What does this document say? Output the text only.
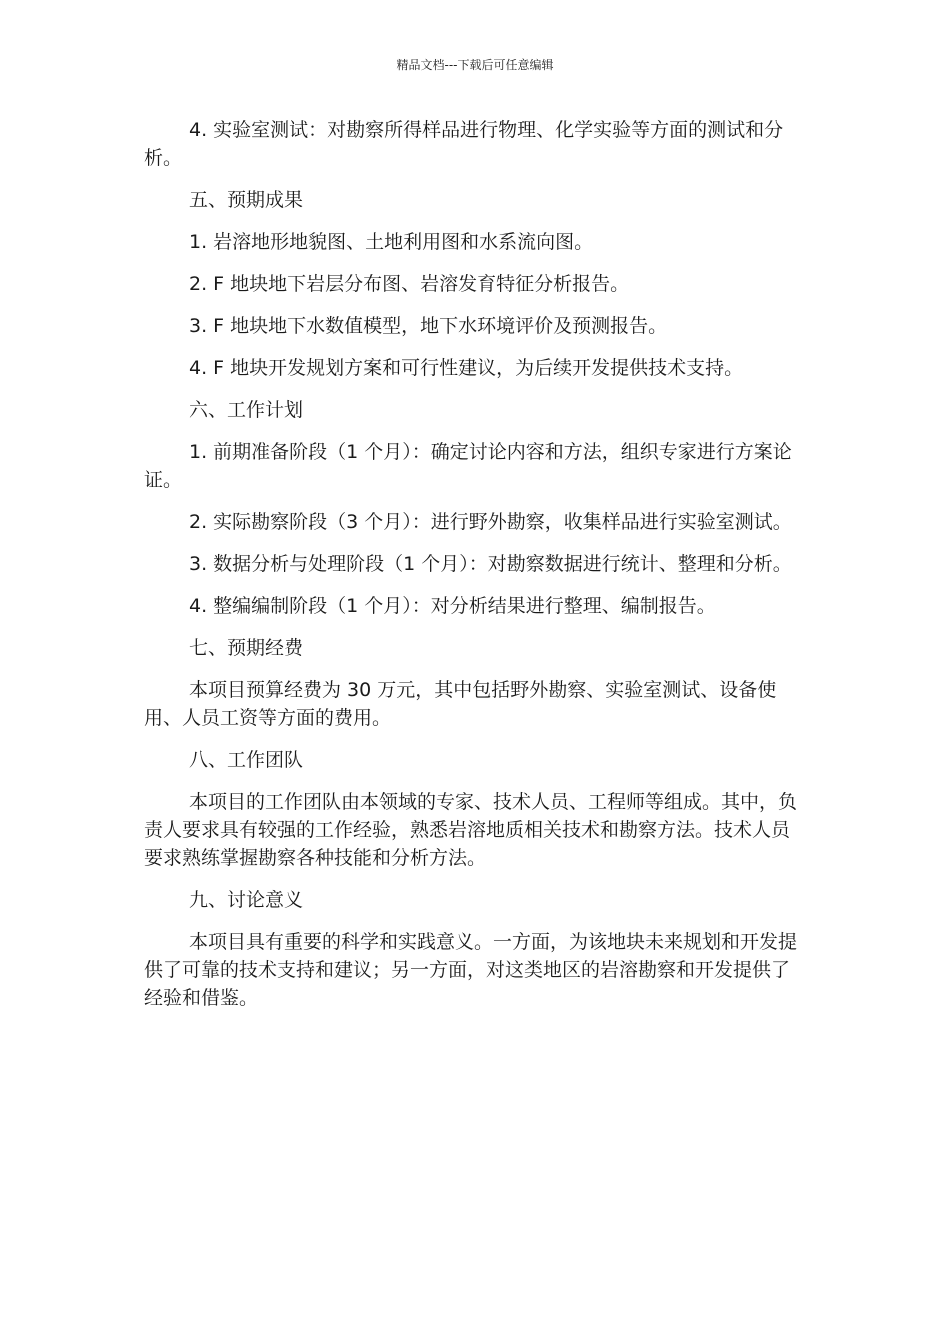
精品文档---下载后可任意编辑

4. 实验室测试：对勘察所得样品进行物理、化学实验等方面的测试和分析。

五、预期成果

1. 岩溶地形地貌图、土地利用图和水系流向图。

2. F 地块地下岩层分布图、岩溶发育特征分析报告。

3. F 地块地下水数值模型，地下水环境评价及预测报告。

4. F 地块开发规划方案和可行性建议，为后续开发提供技术支持。

六、工作计划

1. 前期准备阶段（1 个月）：确定讨论内容和方法，组织专家进行方案论证。

2. 实际勘察阶段（3 个月）：进行野外勘察，收集样品进行实验室测试。

3. 数据分析与处理阶段（1 个月）：对勘察数据进行统计、整理和分析。

4. 整编编制阶段（1 个月）：对分析结果进行整理、编制报告。

七、预期经费

本项目预算经费为 30 万元，其中包括野外勘察、实验室测试、设备使用、人员工资等方面的费用。

八、工作团队

本项目的工作团队由本领域的专家、技术人员、工程师等组成。其中，负责人要求具有较强的工作经验，熟悉岩溶地质相关技术和勘察方法。技术人员要求熟练掌握勘察各种技能和分析方法。

九、讨论意义

本项目具有重要的科学和实践意义。一方面，为该地块未来规划和开发提供了可靠的技术支持和建议；另一方面，对这类地区的岩溶勘察和开发提供了经验和借鉴。
